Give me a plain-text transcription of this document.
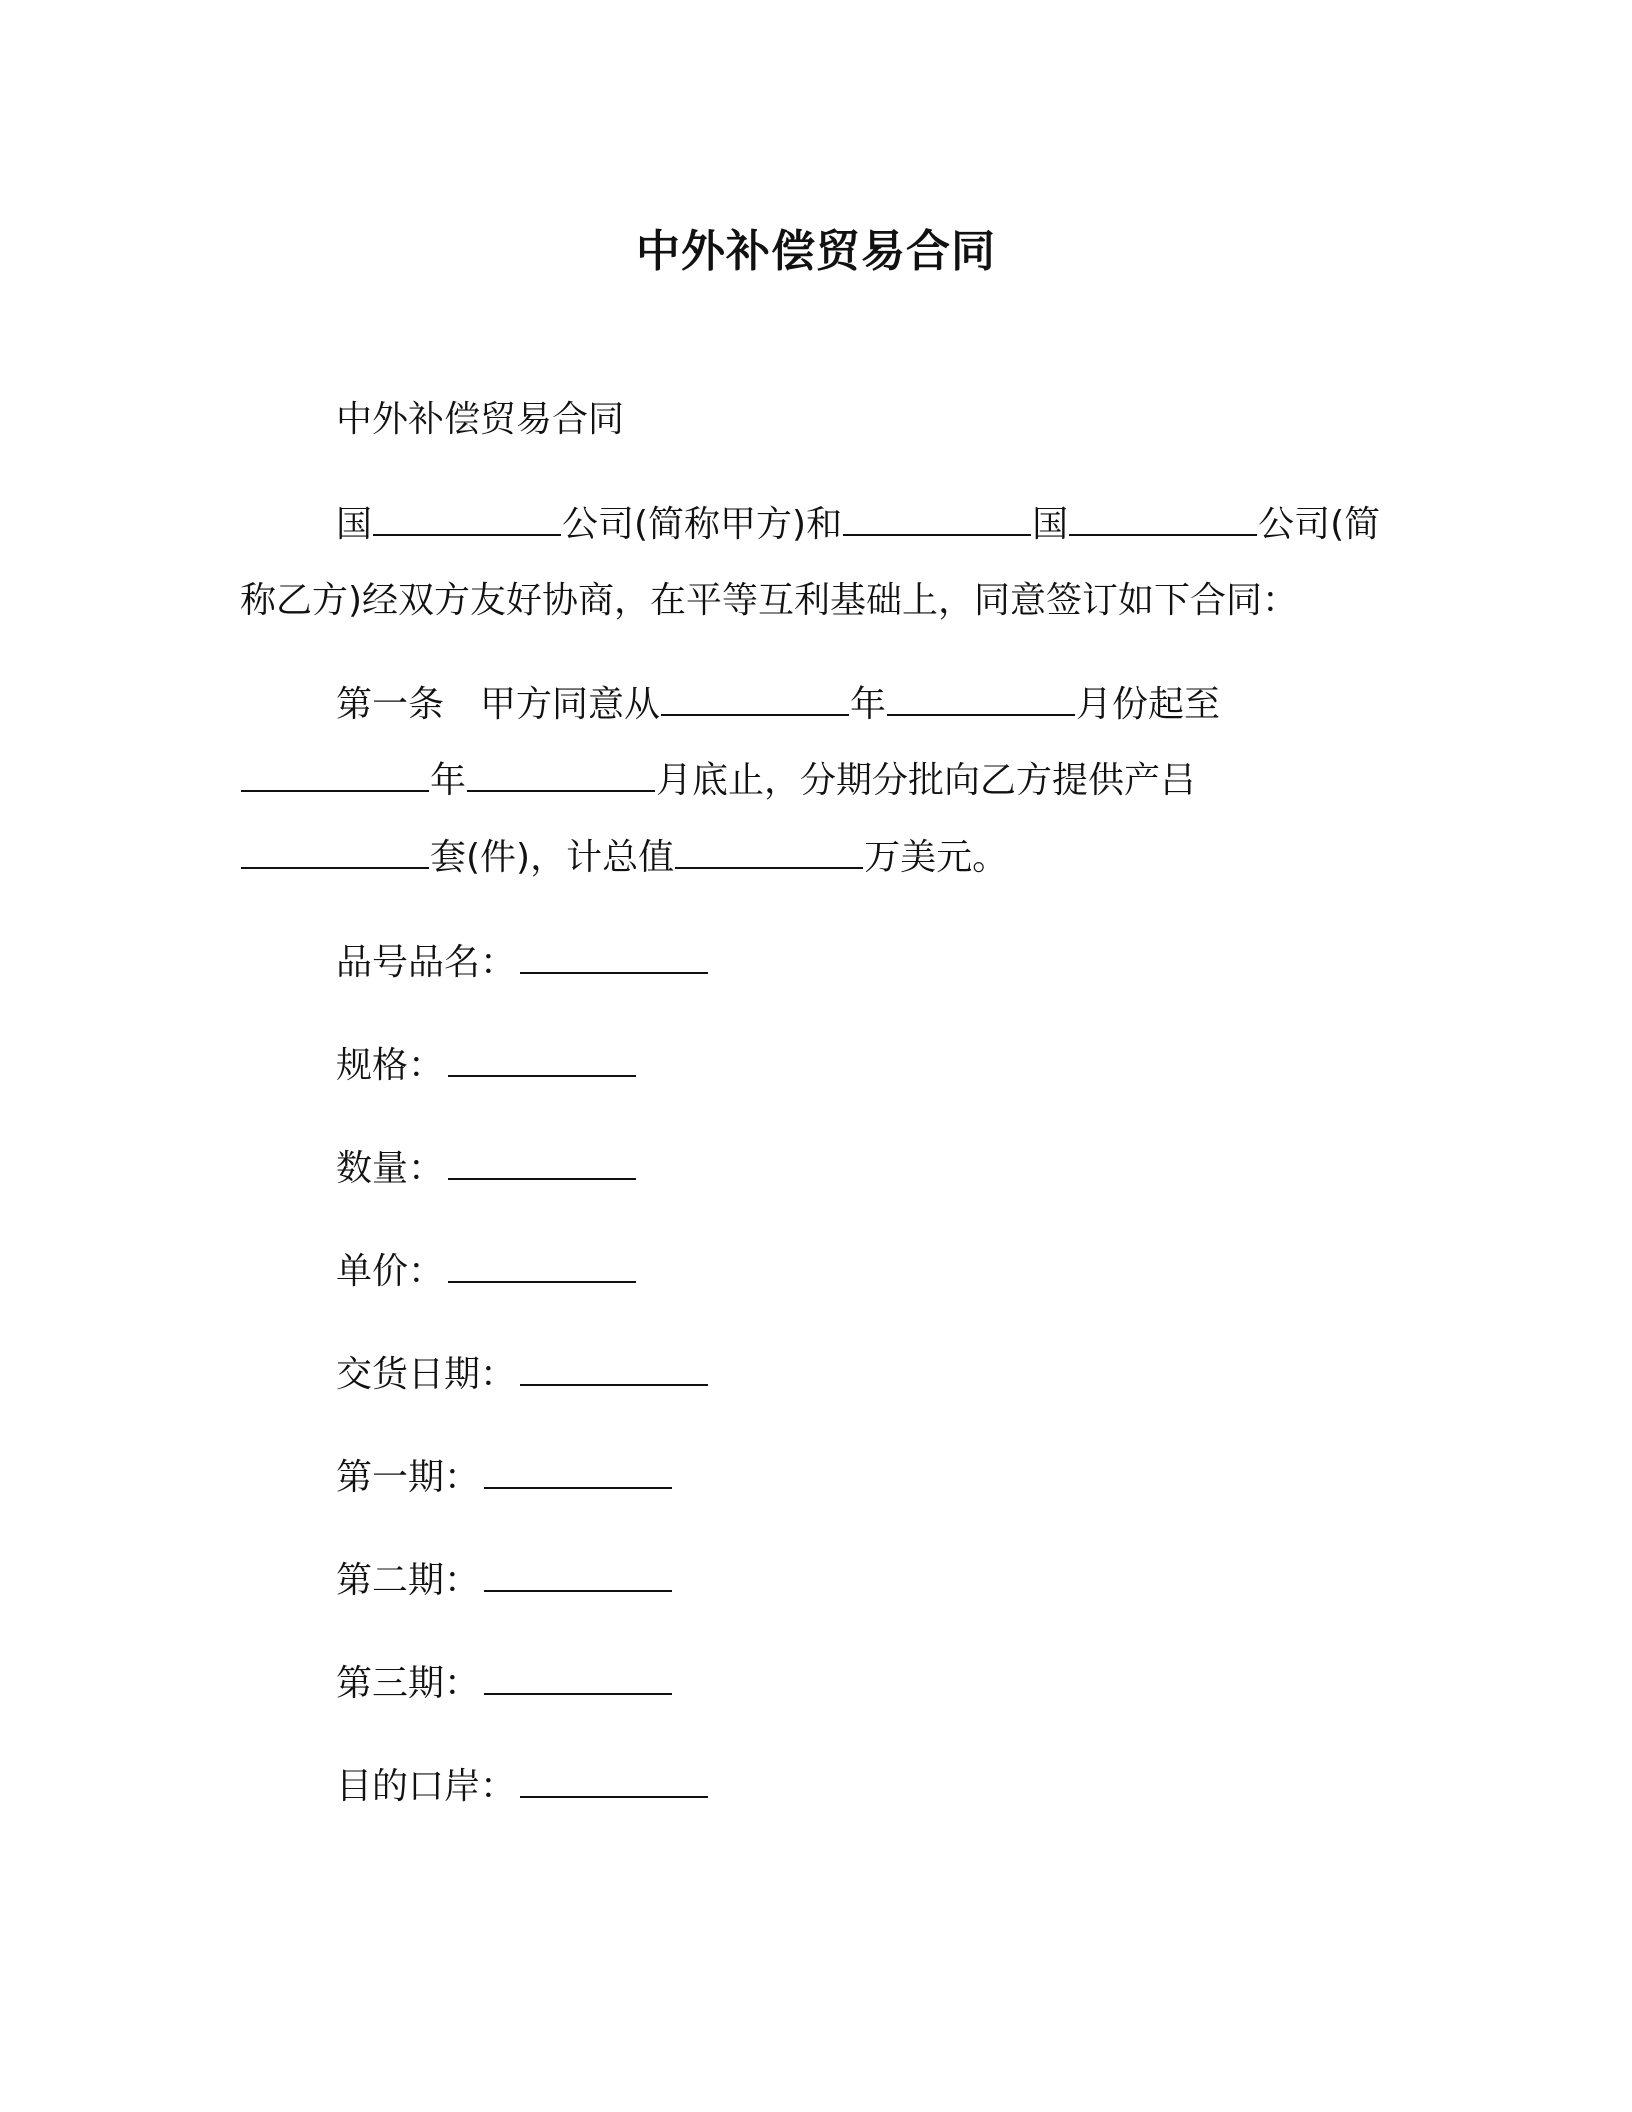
中外补偿贸易合同

中外补偿贸易合同

国	公司(简称甲方)和	国	公司(简

称乙方)经双方友好协商，在平等互利基础上，同意签订如下合同：

第一条　甲方同意从	年	月份起至

年	月底止，分期分批向乙方提供产吕

套(件)，计总值	万美元。

品号品名：

规格：

数量：

单价：

交货日期：

第一期：

第二期：

第三期：

目的口岸：
